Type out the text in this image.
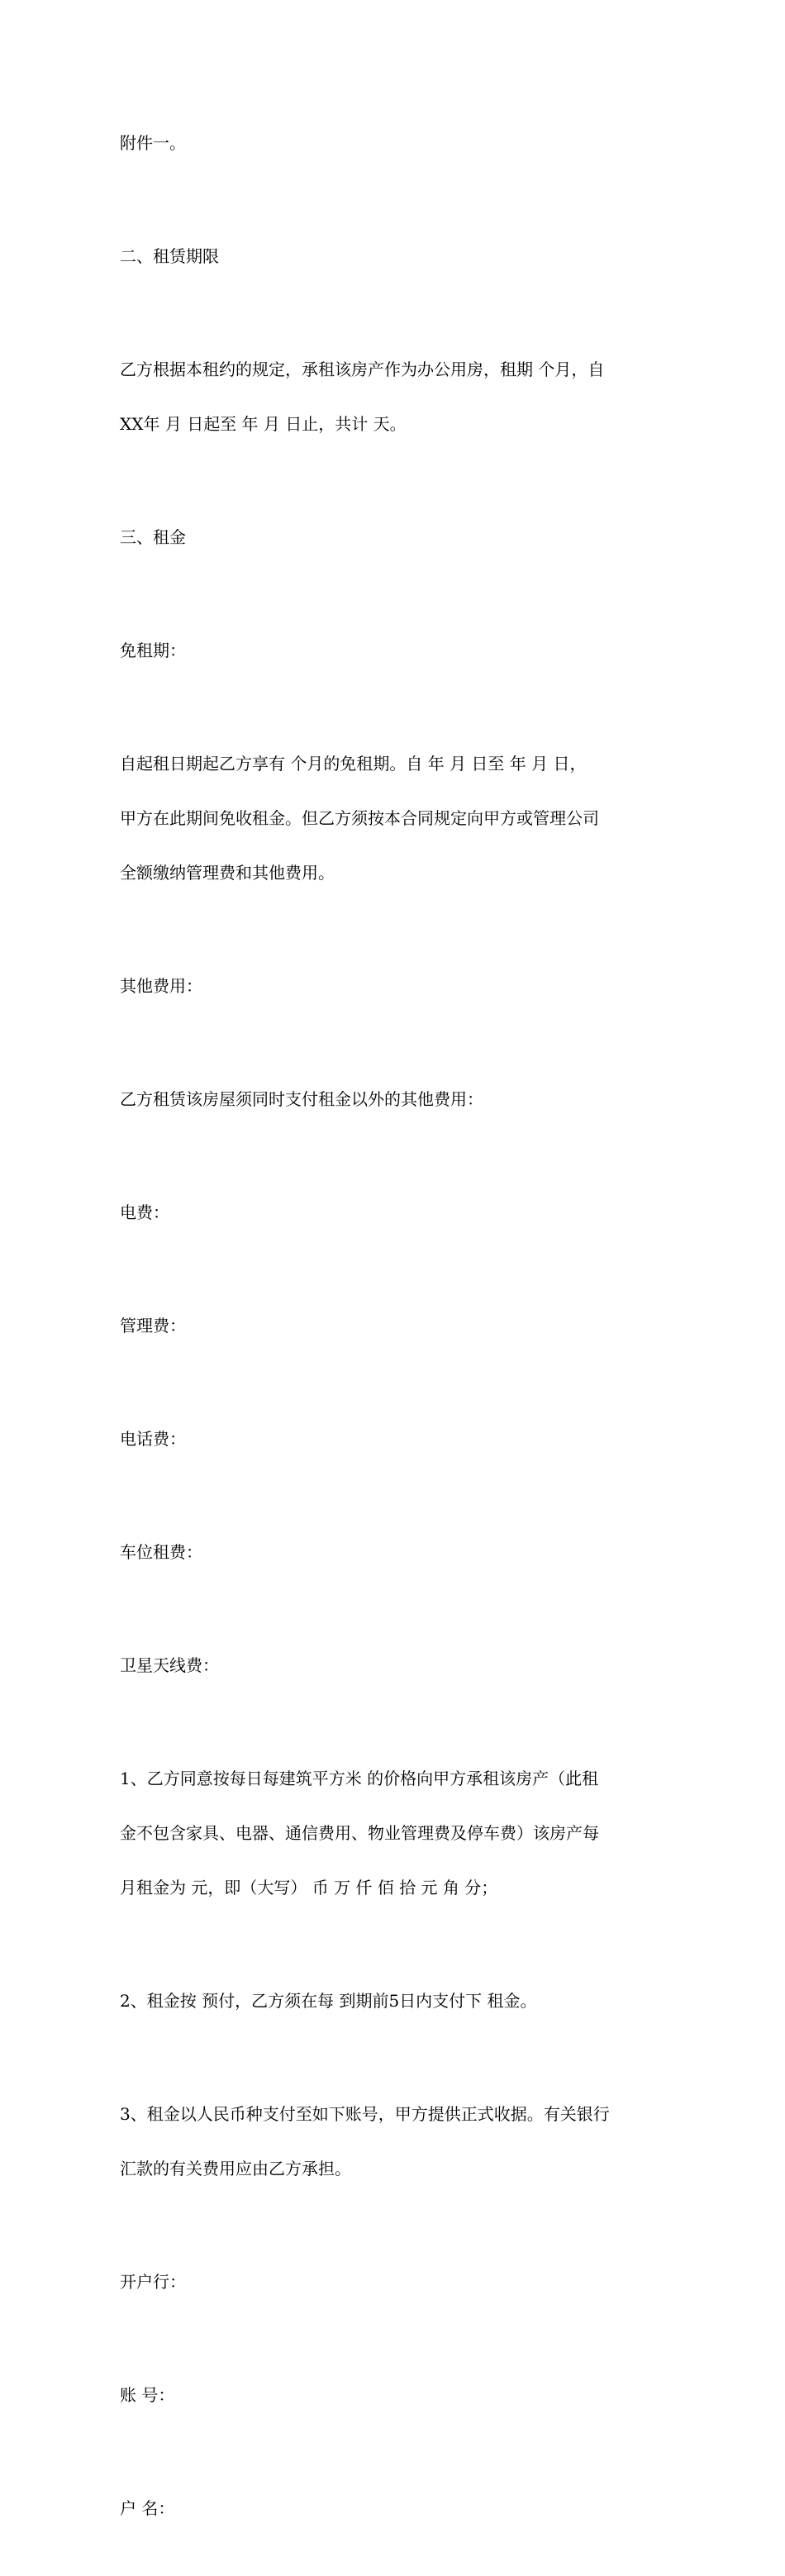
附件一。

二、租赁期限

乙方根据本租约的规定，承租该房产作为办公用房，租期 个月，自

XX年 月 日起至 年 月 日止，共计 天。

三、租金

免租期：

自起租日期起乙方享有 个月的免租期。自 年 月 日至 年 月 日，

甲方在此期间免收租金。但乙方须按本合同规定向甲方或管理公司

全额缴纳管理费和其他费用。

其他费用：

乙方租赁该房屋须同时支付租金以外的其他费用：

电费：

管理费：

电话费：

车位租费：

卫星天线费：

1、乙方同意按每日每建筑平方米 的价格向甲方承租该房产（此租

金不包含家具、电器、通信费用、物业管理费及停车费）该房产每

月租金为 元，即（大写） 币 万 仟 佰 拾 元 角 分；

2、租金按 预付，乙方须在每 到期前5日内支付下 租金。

3、租金以人民币种支付至如下账号，甲方提供正式收据。有关银行

汇款的有关费用应由乙方承担。

开户行：

账 号：

户 名：
